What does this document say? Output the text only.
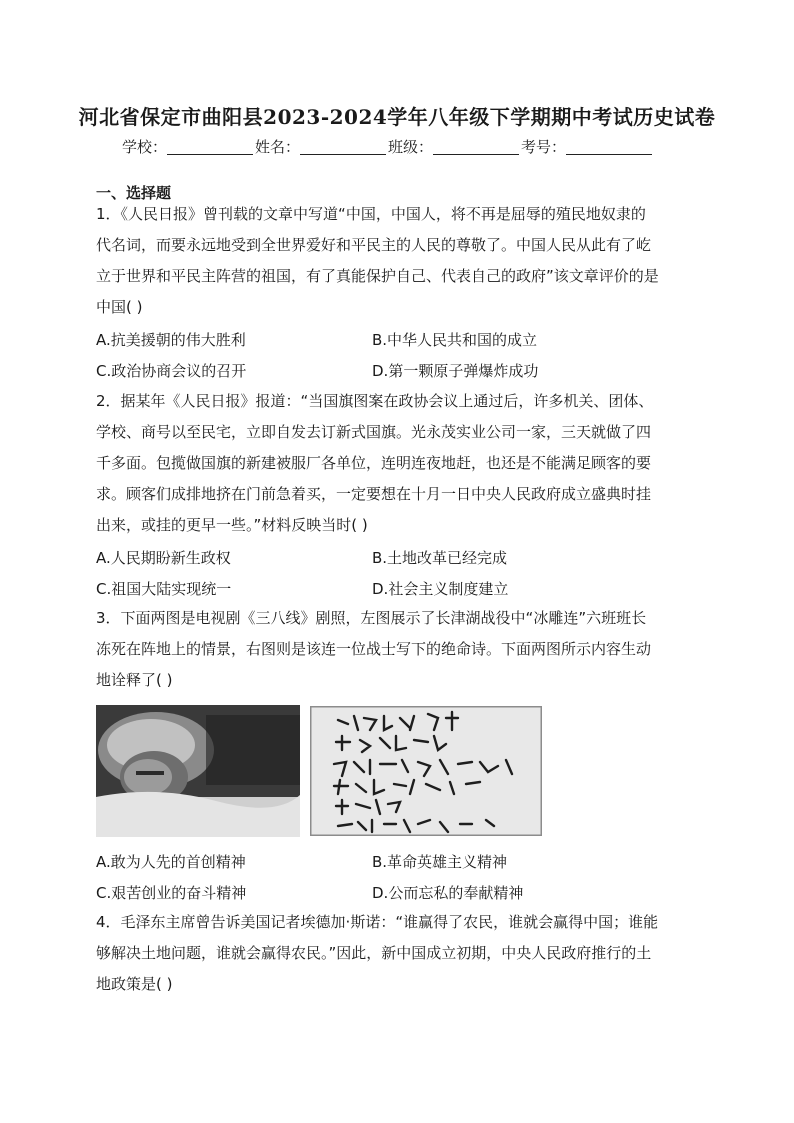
河北省保定市曲阳县2023-2024学年八年级下学期期中考试历史试卷
学校：	姓名：	班级：	考号：
一、选择题
1．《人民日报》曾刊载的文章中写道“中国，中国人，将不再是屈辱的殖民地奴隶的
代名词，而要永远地受到全世界爱好和平民主的人民的尊敬了。中国人民从此有了屹
立于世界和平民主阵营的祖国，有了真能保护自己、代表自己的政府”该文章评价的是
中国( )
A.抗美援朝的伟大胜利	B.中华人民共和国的成立
C.政治协商会议的召开	D.第一颗原子弹爆炸成功
2．据某年《人民日报》报道：“当国旗图案在政协会议上通过后，许多机关、团体、
学校、商号以至民宅，立即自发去订新式国旗。光永茂实业公司一家，三天就做了四
千多面。包揽做国旗的新建被服厂各单位，连明连夜地赶，也还是不能满足顾客的要
求。顾客们成排地挤在门前急着买，一定要想在十月一日中央人民政府成立盛典时挂
出来，或挂的更早一些。”材料反映当时( )
A.人民期盼新生政权	B.土地改革已经完成
C.祖国大陆实现统一	D.社会主义制度建立
3．下面两图是电视剧《三八线》剧照，左图展示了长津湖战役中“冰雕连”六班班长
冻死在阵地上的情景，右图则是该连一位战士写下的绝命诗。下面两图所示内容生动
地诠释了( )
A.敢为人先的首创精神	B.革命英雄主义精神
C.艰苦创业的奋斗精神	D.公而忘私的奉献精神
4．毛泽东主席曾告诉美国记者埃德加·斯诺：“谁赢得了农民，谁就会赢得中国；谁能
够解决土地问题，谁就会赢得农民。”因此，新中国成立初期，中央人民政府推行的土
地政策是( )
